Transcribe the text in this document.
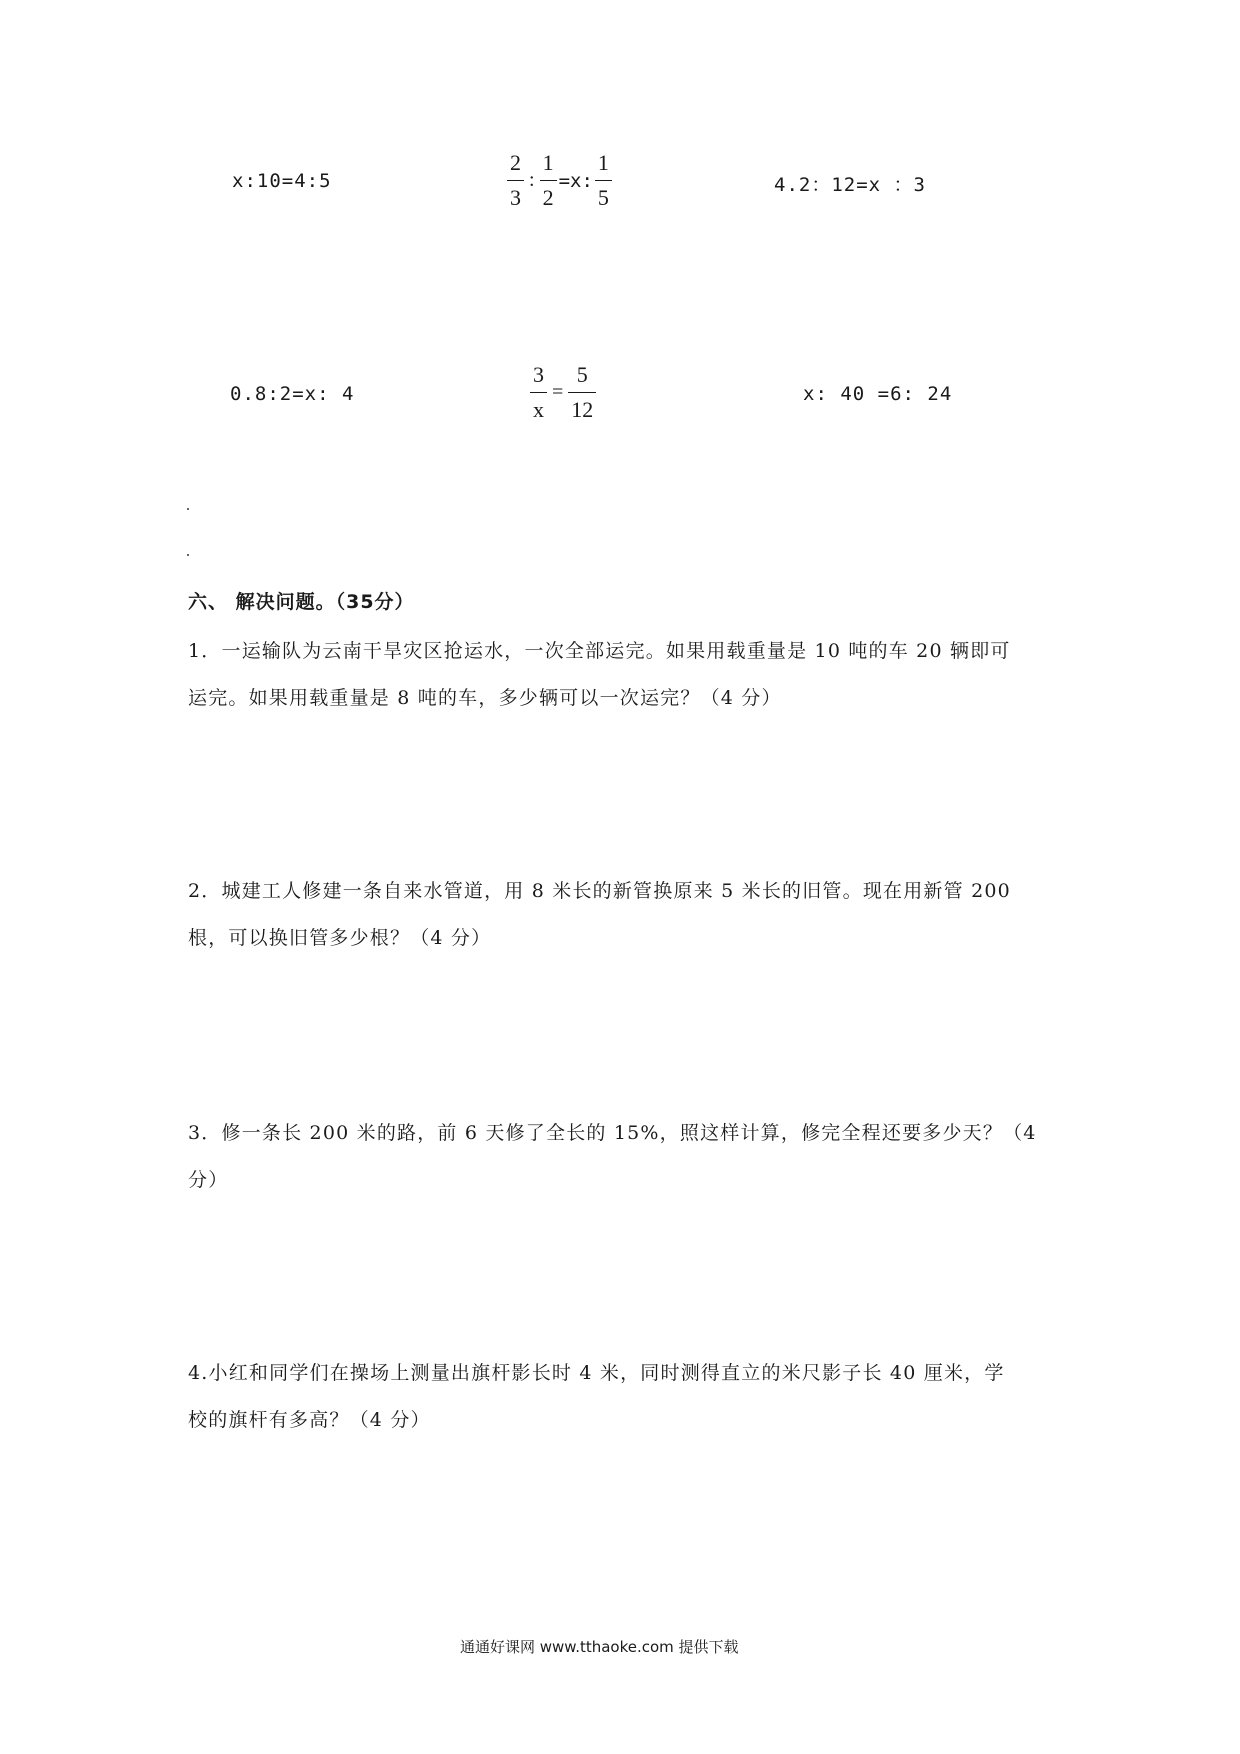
x:10=4:5	$\frac{2}{3}$ : $\frac{1}{2} =x$: $\frac{1}{5}$	4.2：12=x ：3
0.8:2=x: 4	$\frac{3}{x} = \frac{5}{12}$	x: 40 =6: 24
六、 解决问题。（35分）

1．一运输队为云南干旱灾区抢运水，一次全部运完。如果用载重量是 10 吨的车 20 辆即可

运完。如果用载重量是 8 吨的车，多少辆可以一次运完？（4 分）

2．城建工人修建一条自来水管道，用 8 米长的新管换原来 5 米长的旧管。现在用新管 200

根，可以换旧管多少根？（4 分）

3．修一条长 200 米的路，前 6 天修了全长的 15%，照这样计算，修完全程还要多少天？（4

分）

4.小红和同学们在操场上测量出旗杆影长时 4 米，同时测得直立的米尺影子长 40 厘米，学

校的旗杆有多高？（4 分）

通通好课网 www.tthaoke.com 提供下载
